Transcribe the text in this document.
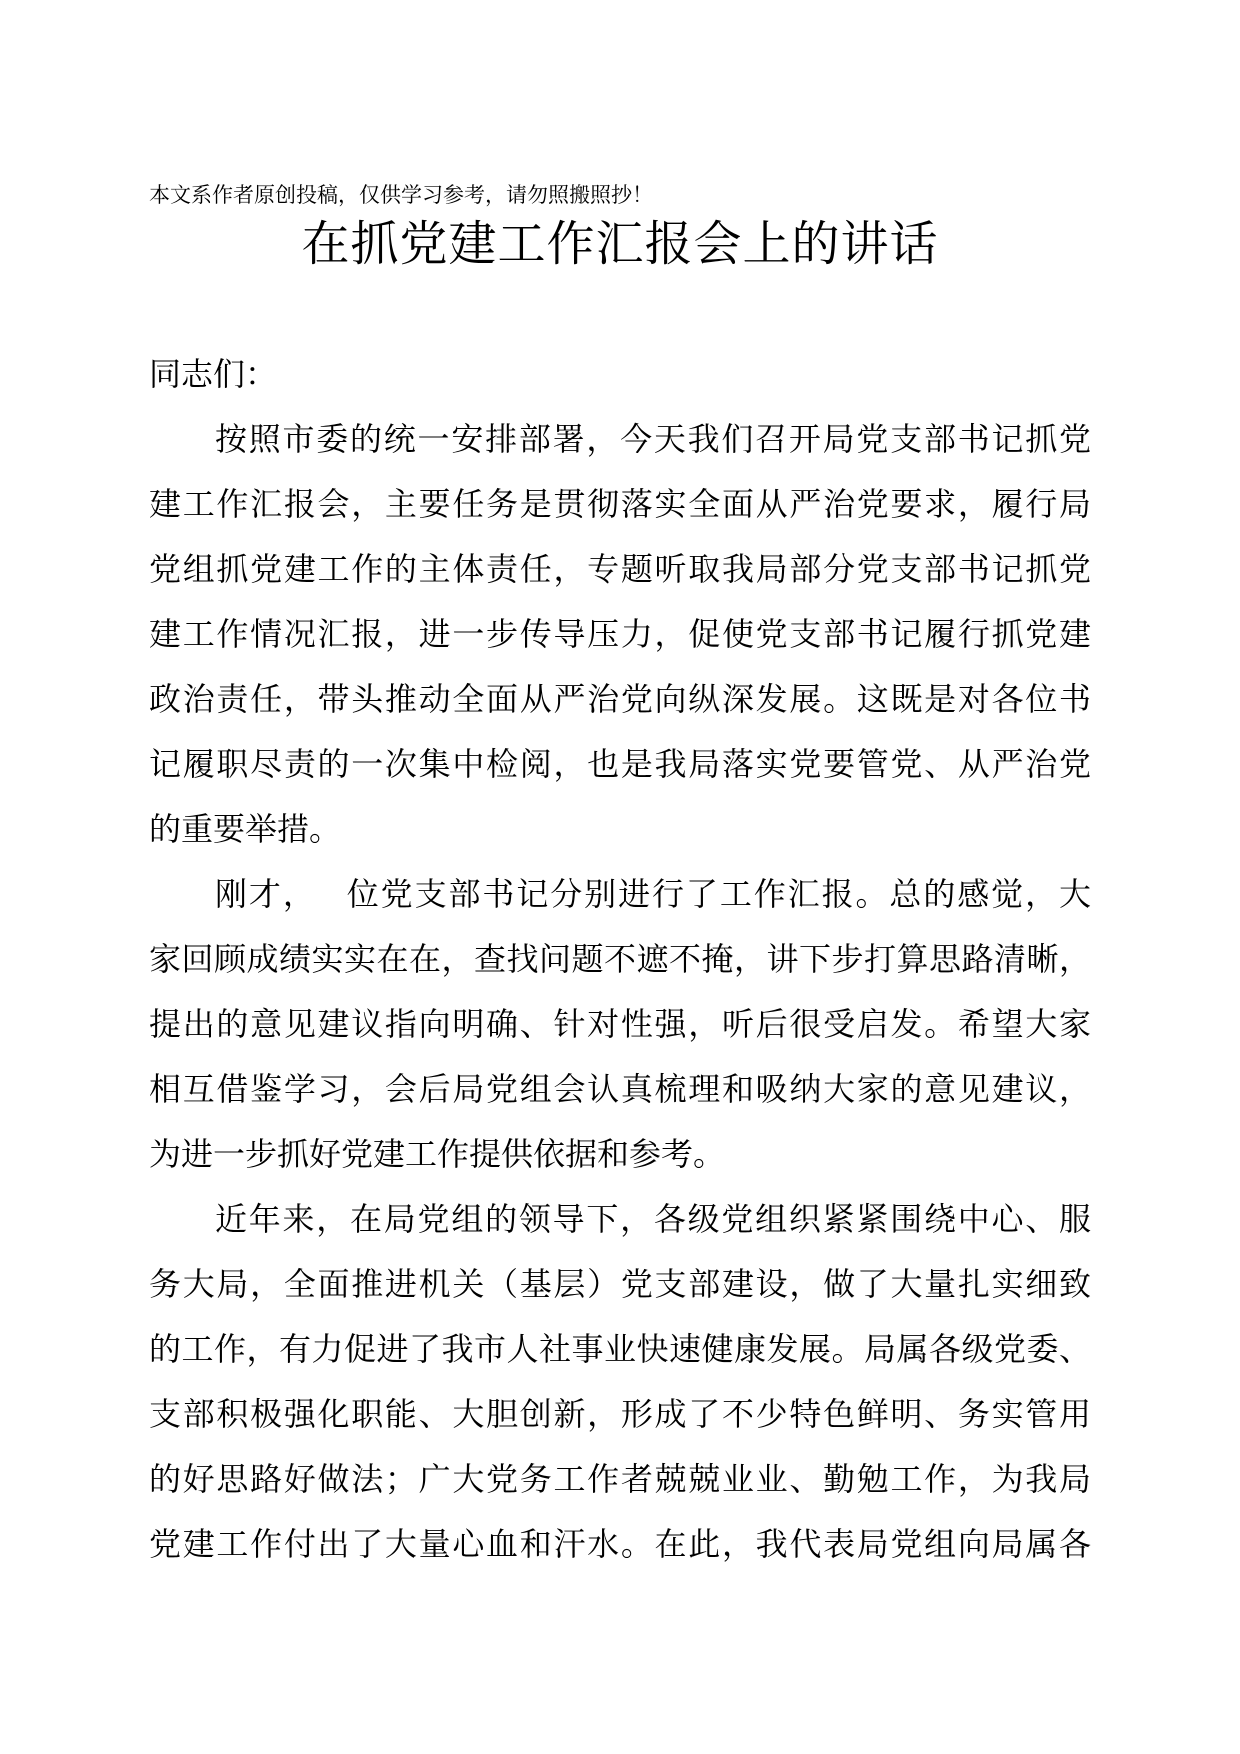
本文系作者原创投稿，仅供学习参考，请勿照搬照抄！
在抓党建工作汇报会上的讲话
同志们：
按照市委的统一安排部署，今天我们召开局党支部书记抓党
建工作汇报会，主要任务是贯彻落实全面从严治党要求，履行局
党组抓党建工作的主体责任，专题听取我局部分党支部书记抓党
建工作情况汇报，进一步传导压力，促使党支部书记履行抓党建
政治责任，带头推动全面从严治党向纵深发展。这既是对各位书
记履职尽责的一次集中检阅，也是我局落实党要管党、从严治党
的重要举措。
刚才，　 位党支部书记分别进行了工作汇报。总的感觉，大
家回顾成绩实实在在，查找问题不遮不掩，讲下步打算思路清晰，
提出的意见建议指向明确、针对性强，听后很受启发。希望大家
相互借鉴学习，会后局党组会认真梳理和吸纳大家的意见建议，
为进一步抓好党建工作提供依据和参考。
近年来，在局党组的领导下，各级党组织紧紧围绕中心、服
务大局，全面推进机关（基层）党支部建设，做了大量扎实细致
的工作，有力促进了我市人社事业快速健康发展。局属各级党委、
支部积极强化职能、大胆创新，形成了不少特色鲜明、务实管用
的好思路好做法；广大党务工作者兢兢业业、勤勉工作，为我局
党建工作付出了大量心血和汗水。在此，我代表局党组向局属各
